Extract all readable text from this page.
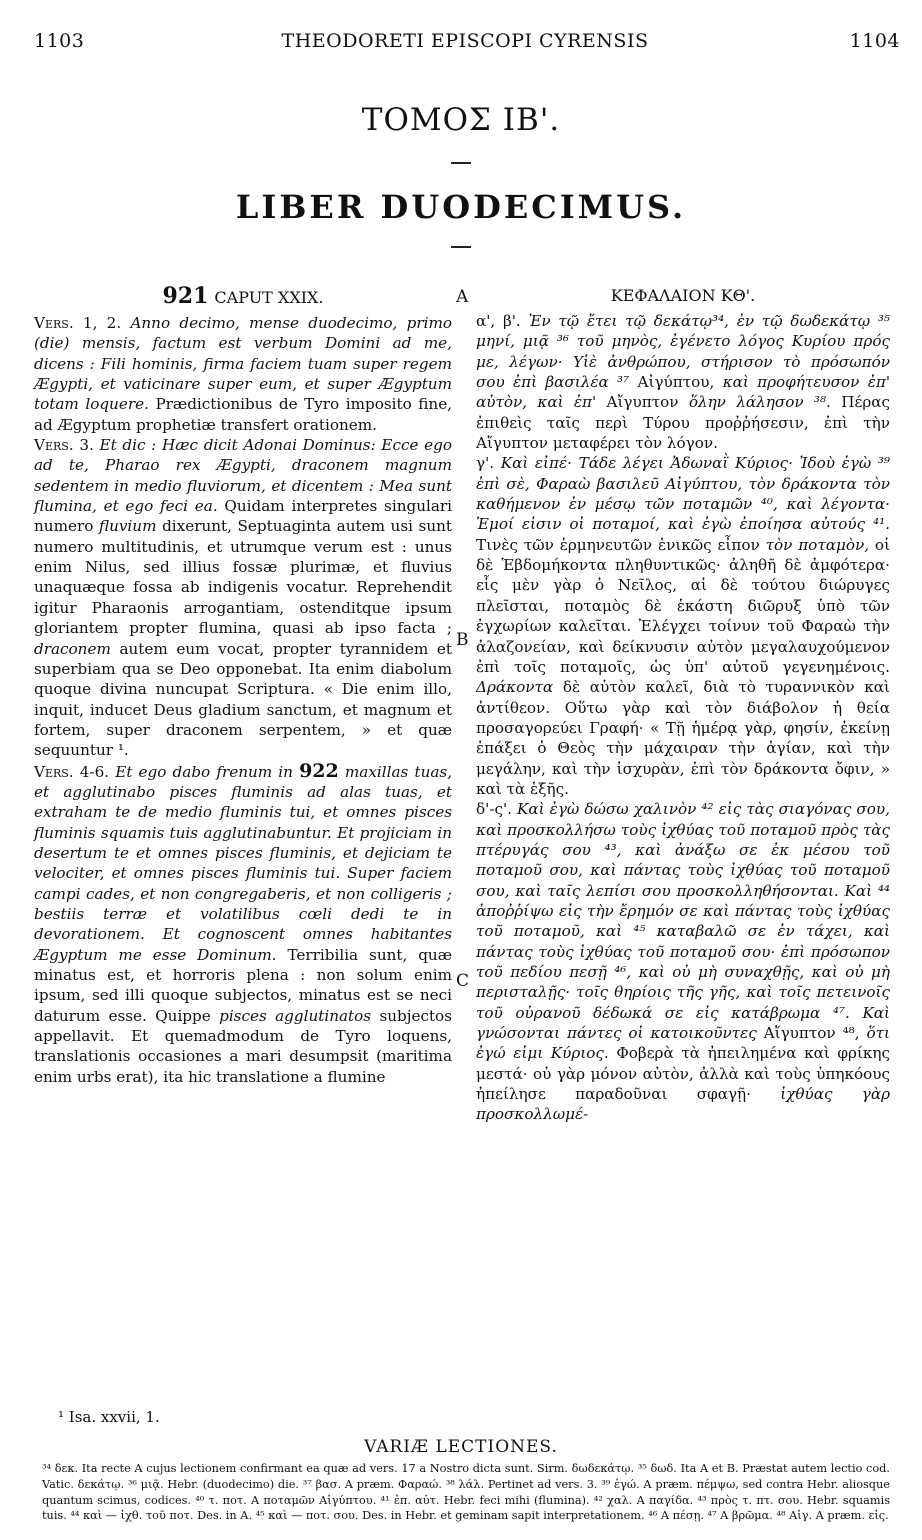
1103	THEODORETI EPISCOPI CYRENSIS	1104
ΤΟΜΟΣ ΙΒ'.
LIBER DUODECIMUS.
A
B
C
921 CAPUT XXIX.

Vers. 1, 2. Anno decimo, mense duodecimo, primo (die) mensis, factum est verbum Domini ad me, dicens : Fili hominis, firma faciem tuam super regem Ægypti, et vaticinare super eum, et super Ægyptum totam loquere. Prædictionibus de Tyro imposito fine, ad Ægyptum prophetiæ transfert orationem.

Vers. 3. Et dic : Hæc dicit Adonai Dominus: Ecce ego ad te, Pharao rex Ægypti, draconem magnum sedentem in medio fluviorum, et dicentem : Mea sunt flumina, et ego feci ea. Quidam interpretes singulari numero fluvium dixerunt, Septuaginta autem usi sunt numero multitudinis, et utrumque verum est : unus enim Nilus, sed illius fossæ plurimæ, et fluvius unaquæque fossa ab indigenis vocatur. Reprehendit igitur Pharaonis arrogantiam, ostenditque ipsum gloriantem propter flumina, quasi ab ipso facta ; draconem autem eum vocat, propter tyrannidem et superbiam qua se Deo opponebat. Ita enim diabolum quoque divina nuncupat Scriptura. « Die enim illo, inquit, inducet Deus gladium sanctum, et magnum et fortem, super draconem serpentem, » et quæ sequuntur ¹.

Vers. 4-6. Et ego dabo frenum in 922 maxillas tuas, et agglutinabo pisces fluminis ad alas tuas, et extraham te de medio fluminis tui, et omnes pisces fluminis squamis tuis agglutinabuntur. Et projiciam in desertum te et omnes pisces fluminis, et dejiciam te velociter, et omnes pisces fluminis tui. Super faciem campi cades, et non congregaberis, et non colligeris ; bestiis terræ et volatilibus cœli dedi te in devorationem. Et cognoscent omnes habitantes Ægyptum me esse Dominum. Terribilia sunt, quæ minatus est, et horroris plena : non solum enim ipsum, sed illi quoque subjectos, minatus est se neci daturum esse. Quippe pisces agglutinatos subjectos appellavit. Et quemadmodum de Tyro loquens, translationis occasiones a mari desumpsit (maritima enim urbs erat), ita hic translatione a flumine

ΚΕΦΑΛΑΙΟΝ ΚΘ'.

α', β'. Ἐν τῷ ἔτει τῷ δεκάτῳ³⁴, ἐν τῷ δωδεκάτῳ ³⁵ μηνί, μιᾷ ³⁶ τοῦ μηνὸς, ἐγένετο λόγος Κυρίου πρός με, λέγων· Υἱὲ ἀνθρώπου, στήρισον τὸ πρόσωπόν σου ἐπὶ βασιλέα ³⁷ Αἰγύπτου, καὶ προφήτευσον ἐπ' αὐτὸν, καὶ ἐπ' Αἴγυπτον ὅλην λάλησον ³⁸. Πέρας ἐπιθεὶς ταῖς περὶ Τύρου προῤῥήσεσιν, ἐπὶ τὴν Αἴγυπτον μεταφέρει τὸν λόγον.

γ'. Καὶ εἰπέ· Τάδε λέγει Ἀδωναῒ Κύριος· Ἰδοὺ ἐγὼ ³⁹ ἐπὶ σὲ, Φαραὼ βασιλεῦ Αἰγύπτου, τὸν δράκοντα τὸν καθήμενον ἐν μέσῳ τῶν ποταμῶν ⁴⁰, καὶ λέγοντα· Ἐμοί εἰσιν οἱ ποταμοί, καὶ ἐγὼ ἐποίησα αὐτούς ⁴¹. Τινὲς τῶν ἑρμηνευτῶν ἑνικῶς εἶπον τὸν ποταμὸν, οἱ δὲ Ἑβδομήκοντα πληθυντικῶς· ἀληθῆ δὲ ἀμφότερα· εἷς μὲν γὰρ ὁ Νεῖλος, αἱ δὲ τούτου διώρυγες πλεῖσται, ποταμὸς δὲ ἑκάστη διῶρυξ ὑπὸ τῶν ἐγχωρίων καλεῖται. Ἐλέγχει τοίνυν τοῦ Φαραὼ τὴν ἀλαζονείαν, καὶ δείκνυσιν αὐτὸν μεγαλαυχούμενον ἐπὶ τοῖς ποταμοῖς, ὡς ὑπ' αὐτοῦ γεγενημένοις. Δράκοντα δὲ αὐτὸν καλεῖ, διὰ τὸ τυραννικὸν καὶ ἀντίθεον. Οὕτω γὰρ καὶ τὸν διάβολον ἡ θεία προσαγορεύει Γραφή· « Τῇ ἡμέρᾳ γὰρ, φησίν, ἐκείνῃ ἐπάξει ὁ Θεὸς τὴν μάχαιραν τὴν ἁγίαν, καὶ τὴν μεγάλην, καὶ τὴν ἰσχυρὰν, ἐπὶ τὸν δράκοντα ὄφιν, » καὶ τὰ ἑξῆς.

δ'-ς'. Καὶ ἐγὼ δώσω χαλινὸν ⁴² εἰς τὰς σιαγόνας σου, καὶ προσκολλήσω τοὺς ἰχθύας τοῦ ποταμοῦ πρὸς τὰς πτέρυγάς σου ⁴³, καὶ ἀνάξω σε ἐκ μέσου τοῦ ποταμοῦ σου, καὶ πάντας τοὺς ἰχθύας τοῦ ποταμοῦ σου, καὶ ταῖς λεπίσι σου προσκολληθήσονται. Καὶ ⁴⁴ ἀποῤῥίψω εἰς τὴν ἔρημόν σε καὶ πάντας τοὺς ἰχθύας τοῦ ποταμοῦ, καὶ ⁴⁵ καταβαλῶ σε ἐν τάχει, καὶ πάντας τοὺς ἰχθύας τοῦ ποταμοῦ σου· ἐπὶ πρόσωπον τοῦ πεδίου πεσῇ ⁴⁶, καὶ οὐ μὴ συναχθῇς, καὶ οὐ μὴ περισταλῇς· τοῖς θηρίοις τῆς γῆς, καὶ τοῖς πετεινοῖς τοῦ οὐρανοῦ δέδωκά σε εἰς κατάβρωμα ⁴⁷. Καὶ γνώσονται πάντες οἱ κατοικοῦντες Αἴγυπτον ⁴⁸, ὅτι ἐγώ εἰμι Κύριος. Φοβερὰ τὰ ἠπειλημένα καὶ φρίκης μεστά· οὐ γὰρ μόνον αὐτὸν, ἀλλὰ καὶ τοὺς ὑπηκόους ἠπείλησε παραδοῦναι σφαγῇ· ἰχθύας γὰρ προσκολλωμέ-

¹ Isa. xxvii, 1.
VARIÆ LECTIONES.
³⁴ δεκ. Ita recte A cujus lectionem confirmant ea quæ ad vers. 17 a Nostro dicta sunt. Sirm. δωδεκάτῳ. ³⁵ δωδ. Ita A et B. Præstat autem lectio cod. Vatic. δεκάτῳ. ³⁶ μιᾷ. Hebr. (duodecimo) die. ³⁷ βασ. A præm. Φαραώ. ³⁸ λάλ. Pertinet ad vers. 3. ³⁹ ἐγώ. A præm. πέμψω, sed contra Hebr. aliosque quantum scimus, codices. ⁴⁰ τ. ποτ. A ποταμῶν Αἰγύπτου. ⁴¹ ἐπ. αὐτ. Hebr. feci mihi (flumina). ⁴² χαλ. A παγίδα. ⁴³ πρὸς τ. πτ. σου. Hebr. squamis tuis. ⁴⁴ καὶ — ἰχθ. τοῦ ποτ. Des. in A. ⁴⁵ καὶ — ποτ. σου. Des. in Hebr. et geminam sapit interpretationem. ⁴⁶ A πέσῃ. ⁴⁷ A βρῶμα. ⁴⁸ Αἰγ. A præm. εἰς.
